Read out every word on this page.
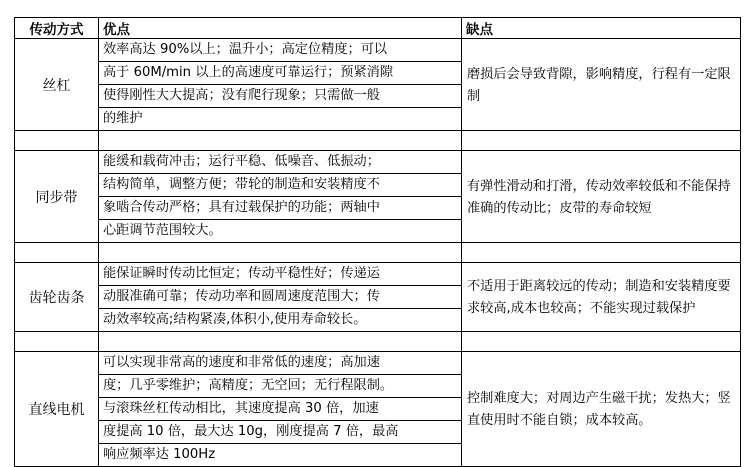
传动方式	优点	缺点
丝杠	效率高达 90%以上；温升小；高定位精度；可以
高于 60M/min 以上的高速度可靠运行；预紧消隙
使得刚性大大提高；没有爬行现象；只需做一般
的维护	磨损后会导致背隙，影响精度，行程有一定限制

同步带	能缓和载荷冲击；运行平稳、低噪音、低振动；
结构简单，调整方便；带轮的制造和安装精度不
象啮合传动严格；具有过载保护的功能；两轴中
心距调节范围较大。	有弹性滑动和打滑，传动效率较低和不能保持准确的传动比；皮带的寿命较短

齿轮齿条	能保证瞬时传动比恒定；传动平稳性好；传递运
动服准确可靠；传动功率和圆周速度范围大；传
动效率较高;结构紧凑,体积小,使用寿命较长。	不适用于距离较远的传动；制造和安装精度要求较高,成本也较高；不能实现过载保护

直线电机	可以实现非常高的速度和非常低的速度；高加速
度；几乎零维护；高精度；无空回；无行程限制。
与滚珠丝杠传动相比，其速度提高 30 倍，加速
度提高 10 倍，最大达 10g，刚度提高 7 倍，最高
响应频率达 100Hz	控制难度大；对周边产生磁干扰；发热大；竖直使用时不能自锁；成本较高。
